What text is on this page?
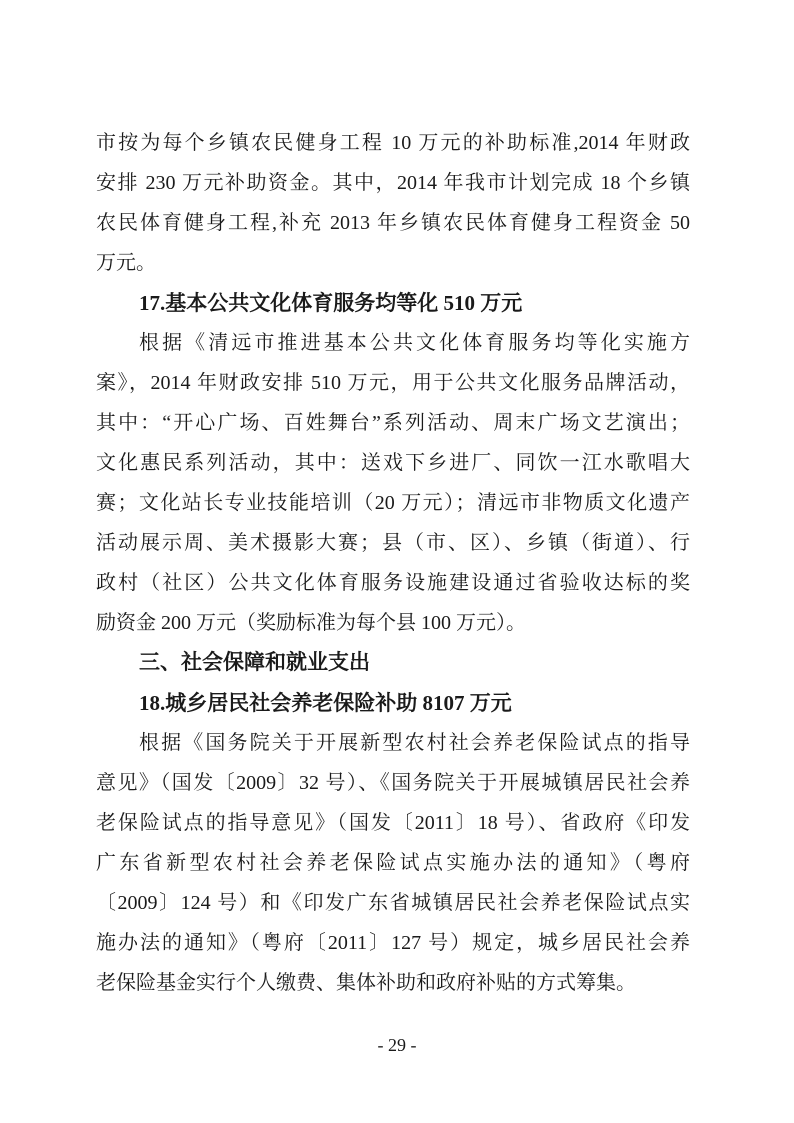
市按为每个乡镇农民健身工程 10 万元的补助标准,2014 年财政
安排 230 万元补助资金。其中，2014 年我市计划完成 18 个乡镇
农民体育健身工程,补充 2013 年乡镇农民体育健身工程资金 50
万元。
17.基本公共文化体育服务均等化 510 万元
根据《清远市推进基本公共文化体育服务均等化实施方
案》，2014 年财政安排 510 万元，用于公共文化服务品牌活动，
其中：“开心广场、百姓舞台”系列活动、周末广场文艺演出；
文化惠民系列活动，其中：送戏下乡进厂、同饮一江水歌唱大
赛；文化站长专业技能培训（20 万元）；清远市非物质文化遗产
活动展示周、美术摄影大赛；县（市、区）、乡镇（街道）、行
政村（社区）公共文化体育服务设施建设通过省验收达标的奖
励资金 200 万元（奖励标准为每个县 100 万元）。
三、社会保障和就业支出
18.城乡居民社会养老保险补助 8107 万元
根据《国务院关于开展新型农村社会养老保险试点的指导
意见》（国发〔2009〕32 号）、《国务院关于开展城镇居民社会养
老保险试点的指导意见》（国发〔2011〕18 号）、省政府《印发
广东省新型农村社会养老保险试点实施办法的通知》（粤府
〔2009〕124 号）和《印发广东省城镇居民社会养老保险试点实
施办法的通知》（粤府〔2011〕127 号）规定，城乡居民社会养
老保险基金实行个人缴费、集体补助和政府补贴的方式筹集。
- 29 -
